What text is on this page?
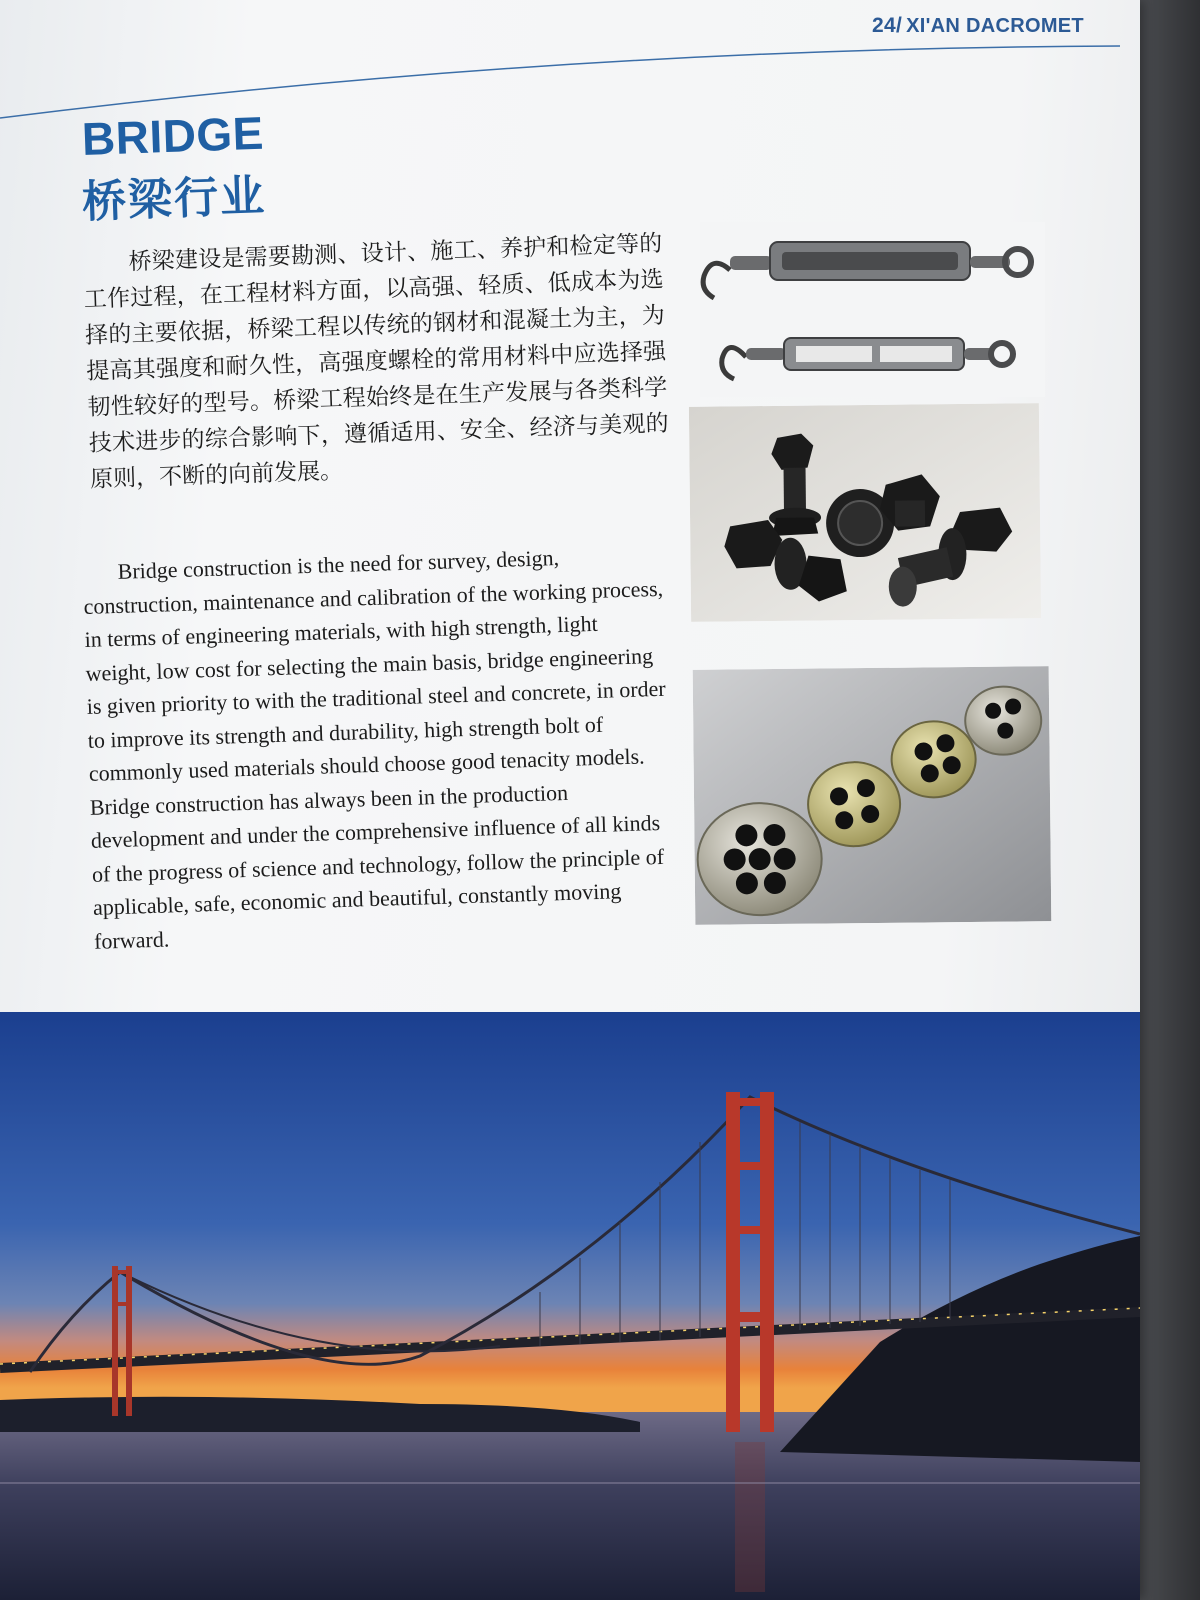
24/ XI'AN DACROMET
BRIDGE
桥梁行业

桥梁建设是需要勘测、设计、施工、养护和检定等的工作过程，在工程材料方面，以高强、轻质、低成本为选择的主要依据，桥梁工程以传统的钢材和混凝土为主，为提高其强度和耐久性，高强度螺栓的常用材料中应选择强韧性较好的型号。桥梁工程始终是在生产发展与各类科学技术进步的综合影响下，遵循适用、安全、经济与美观的原则，不断的向前发展。

Bridge construction is the need for survey, design, construction, maintenance and calibration of the working process, in terms of engineering materials, with high strength, light weight, low cost for selecting the main basis, bridge engineering is given priority to with the traditional steel and concrete, in order to improve its strength and durability, high strength bolt of commonly used materials should choose good tenacity models. Bridge construction has always been in the production development and under the comprehensive influence of all kinds of the progress of science and technology, follow the principle of applicable, safe, economic and beautiful, constantly moving forward.
